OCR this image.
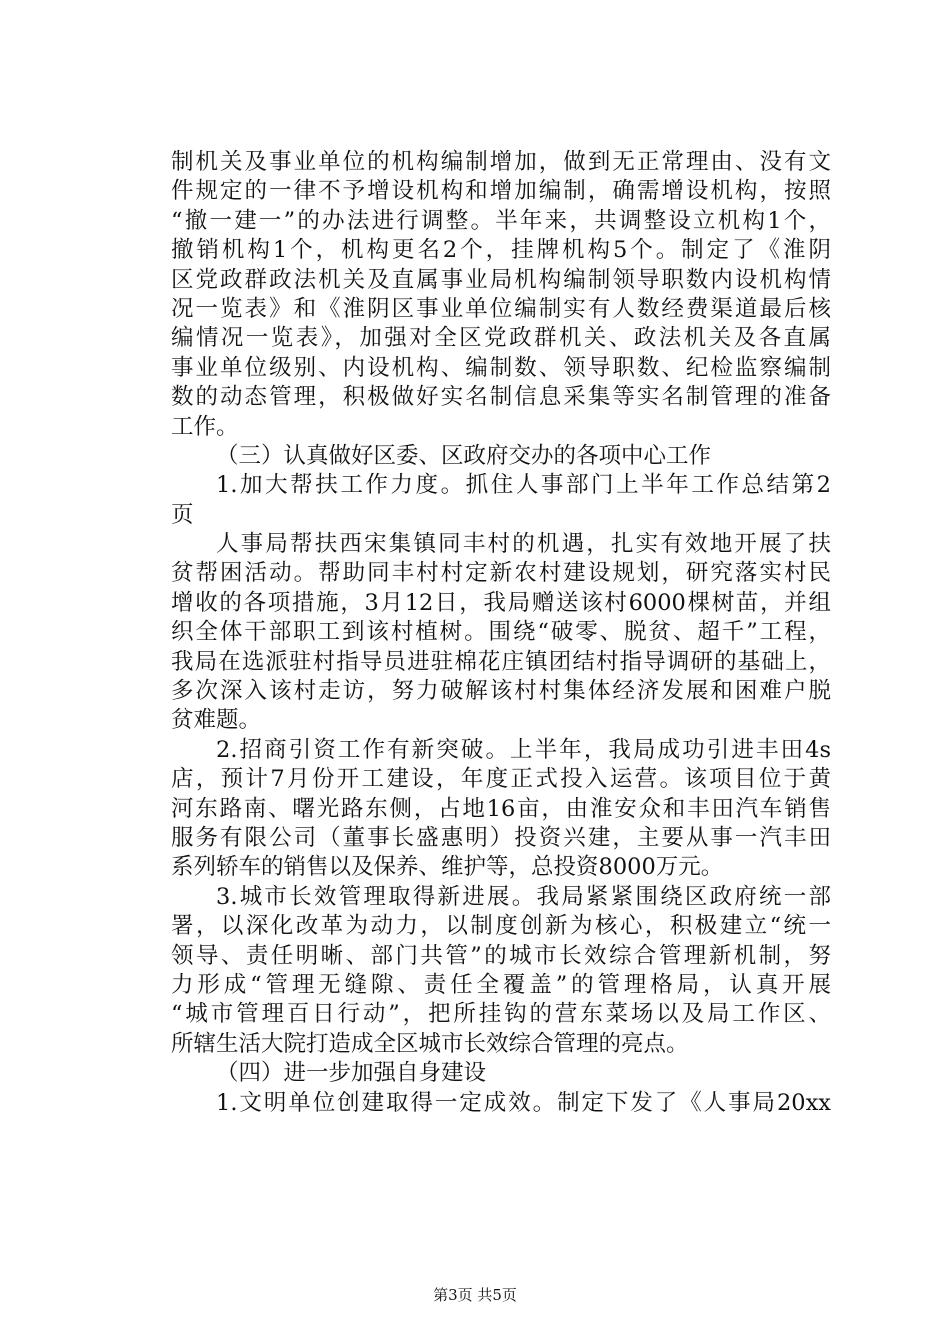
制机关及事业单位的机构编制增加，做到无正常理由、没有文
件规定的一律不予增设机构和增加编制，确需增设机构，按照
“撤一建一”的办法进行调整。半年来，共调整设立机构1个，
撤销机构1个，机构更名2个，挂牌机构5个。制定了《淮阴
区党政群政法机关及直属事业局机构编制领导职数内设机构情
况一览表》和《淮阴区事业单位编制实有人数经费渠道最后核
编情况一览表》，加强对全区党政群机关、政法机关及各直属
事业单位级别、内设机构、编制数、领导职数、纪检监察编制
数的动态管理，积极做好实名制信息采集等实名制管理的准备
工作。
（三）认真做好区委、区政府交办的各项中心工作
1.加大帮扶工作力度。抓住人事部门上半年工作总结第2
页
人事局帮扶西宋集镇同丰村的机遇，扎实有效地开展了扶
贫帮困活动。帮助同丰村村定新农村建设规划，研究落实村民
增收的各项措施，3月12日，我局赠送该村6000棵树苗，并组
织全体干部职工到该村植树。围绕“破零、脱贫、超千”工程，
我局在选派驻村指导员进驻棉花庄镇团结村指导调研的基础上，
多次深入该村走访，努力破解该村村集体经济发展和困难户脱
贫难题。
2.招商引资工作有新突破。上半年，我局成功引进丰田4s
店，预计7月份开工建设，年度正式投入运营。该项目位于黄
河东路南、曙光路东侧，占地16亩，由淮安众和丰田汽车销售
服务有限公司（董事长盛惠明）投资兴建，主要从事一汽丰田
系列轿车的销售以及保养、维护等，总投资8000万元。
3.城市长效管理取得新进展。我局紧紧围绕区政府统一部
署，以深化改革为动力，以制度创新为核心，积极建立“统一
领导、责任明晰、部门共管”的城市长效综合管理新机制，努
力形成“管理无缝隙、责任全覆盖”的管理格局，认真开展
“城市管理百日行动”，把所挂钩的营东菜场以及局工作区、
所辖生活大院打造成全区城市长效综合管理的亮点。
（四）进一步加强自身建设
1.文明单位创建取得一定成效。制定下发了《人事局20xx
第3页 共5页
